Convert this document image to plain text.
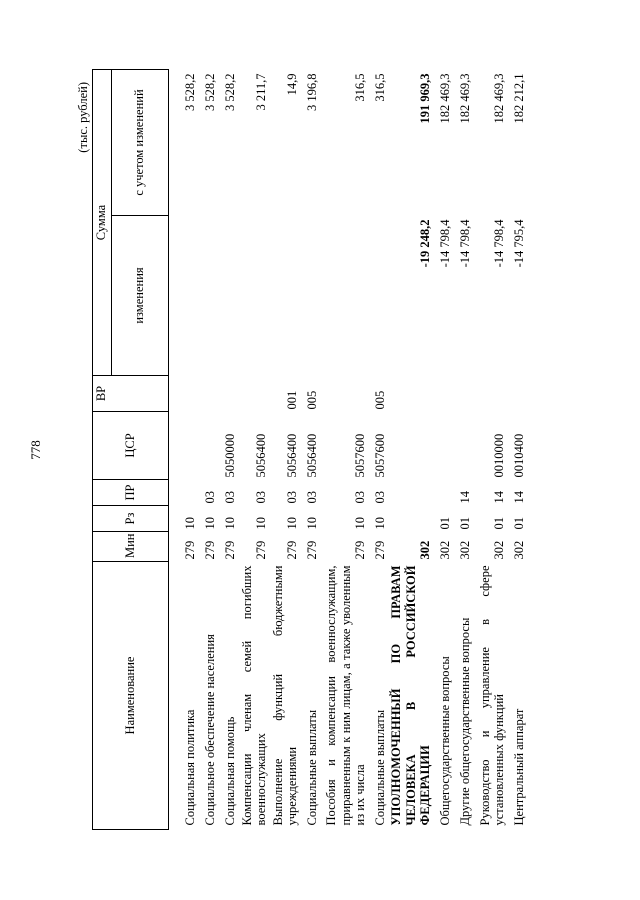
778
(тыс. рублей)
Наименование	Мин	Рз	ПР	ЦСР	ВР	Сумма	
						изменения	с учетом изменений

Социальная политика	279	10					3 528,2
Социальное обеспечение населения	279	10	03				3 528,2
Социальная помощь	279	10	03	5050000			3 528,2
Компенсации членам семей погибших военнослужащих	279	10	03	5056400			3 211,7
Выполнение функций бюджетными учреждениями	279	10	03	5056400	001		14,9
Социальные выплаты	279	10	03	5056400	005		3 196,8
Пособия и компенсации военнослужащим, приравненным к ним лицам, а также уволенным из их числа	279	10	03	5057600			316,5
Социальные выплаты	279	10	03	5057600	005		316,5
УПОЛНОМОЧЕННЫЙ ПО ПРАВАМ ЧЕЛОВЕКА В РОССИЙСКОЙ ФЕДЕРАЦИИ	302					-19 248,2	191 969,3
Общегосударственные вопросы	302	01				-14 798,4	182 469,3
Другие общегосударственные вопросы	302	01	14			-14 798,4	182 469,3
Руководство и управление в сфере установленных функций	302	01	14	0010000		-14 798,4	182 469,3
Центральный аппарат	302	01	14	0010400		-14 795,4	182 212,1
